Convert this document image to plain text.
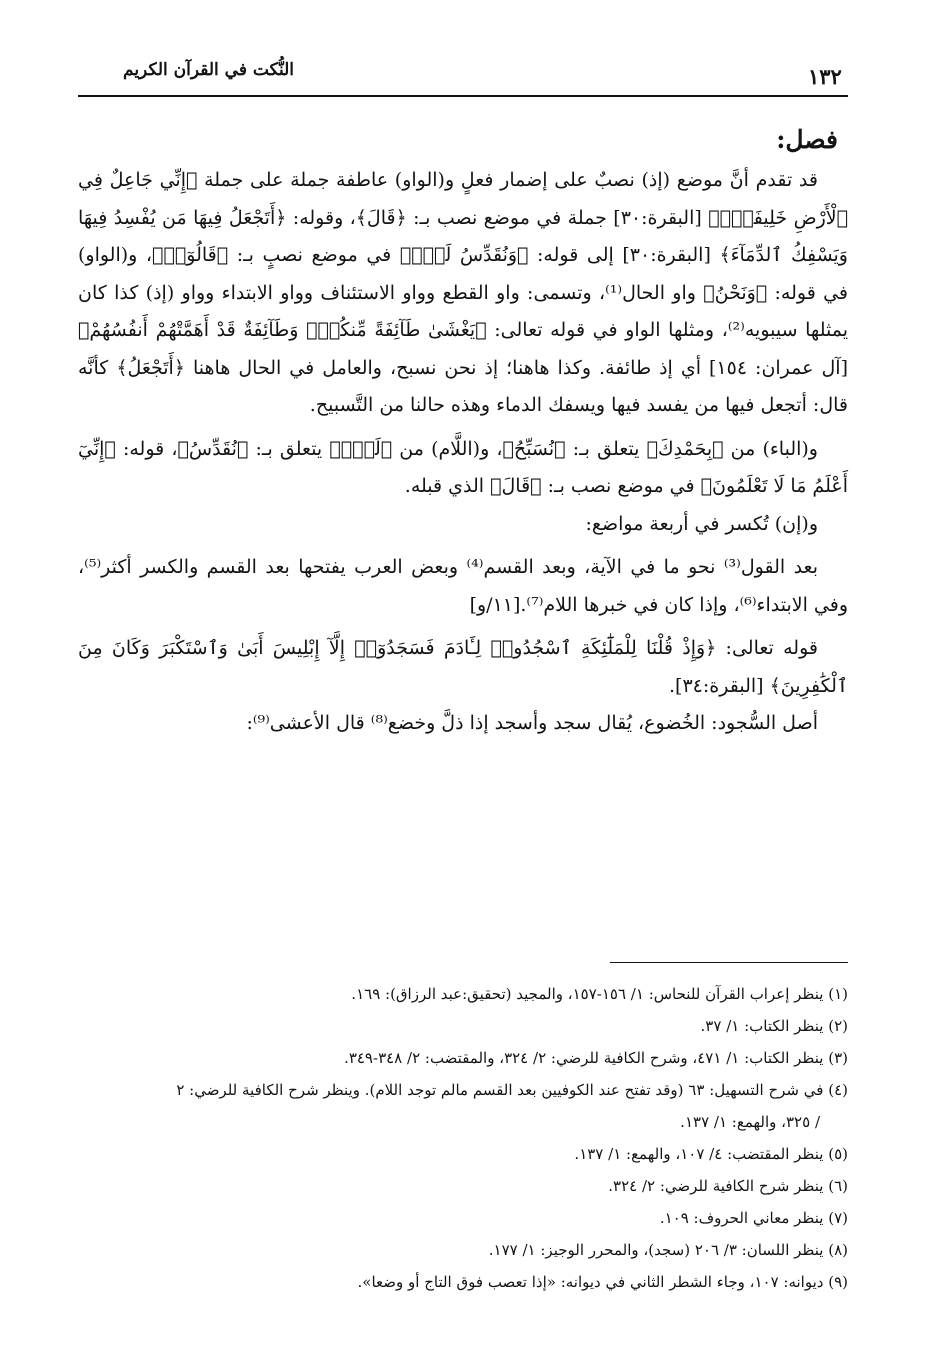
النُّكت في القرآن الكريم	١٣٢

فصل:

قد تقدم أنَّ موضع (إذ) نصبٌ على إضمار فعلٍ و(الواو) عاطفة جملة على جملة ﴿إِنِّي جَاعِلٌ فِي ٱلْأَرْضِ خَلِيفَةًۖ﴾ [البقرة:٣٠] جملة في موضع نصب بـ: ﴿قَالَ﴾، وقوله: ﴿أَتَجْعَلُ فِيهَا مَن يُفْسِدُ فِيهَا وَيَسْفِكُ ٱلدِّمَآءَ﴾ [البقرة:٣٠] إلى قوله: ﴿وَنُقَدِّسُ لَكَۖ﴾ في موضع نصبٍ بـ: ﴿قَالُوٓا۟﴾، و(الواو) في قوله: ﴿وَنَحْنُ﴾ واو الحال⁽¹⁾، وتسمى: واو القطع وواو الاستئناف وواو الابتداء وواو (إذ) كذا كان يمثلها سيبويه⁽²⁾، ومثلها الواو في قوله تعالى: ﴿يَغْشَىٰ طَآئِفَةً مِّنكُمْۖ وَطَآئِفَةٌ قَدْ أَهَمَّتْهُمْ أَنفُسُهُمْ﴾ [آل عمران: ١٥٤] أي إذ طائفة. وكذا هاهنا؛ إذ نحن نسبح، والعامل في الحال هاهنا ﴿أَتَجْعَلُ﴾ كأنَّه قال: أتجعل فيها من يفسد فيها ويسفك الدماء وهذه حالنا من التَّسبيح.

و(الباء) من ﴿بِحَمْدِكَ﴾ يتعلق بـ: ﴿نُسَبِّحُ﴾، و(اللَّام) من ﴿لَكَۖ﴾ يتعلق بـ: ﴿نُقَدِّسُ﴾، قوله: ﴿إِنِّيٓ أَعْلَمُ مَا لَا تَعْلَمُونَ﴾ في موضع نصب بـ: ﴿قَالَ﴾ الذي قبله.

و(إن) تُكسر في أربعة مواضع:

بعد القول⁽³⁾ نحو ما في الآية، وبعد القسم⁽⁴⁾ وبعض العرب يفتحها بعد القسم والكسر أكثر⁽⁵⁾، وفي الابتداء⁽⁶⁾، وإذا كان في خبرها اللام⁽⁷⁾.[١١/و]

قوله تعالى: ﴿وَإِذْ قُلْنَا لِلْمَلَٰٓئِكَةِ ٱسْجُدُوا۟ لِـَٔادَمَ فَسَجَدُوٓا۟ إِلَّآ إِبْلِيسَ أَبَىٰ وَٱسْتَكْبَرَ وَكَانَ مِنَ ٱلْكَٰفِرِينَ﴾ [البقرة:٣٤].

أصل السُّجود: الخُضوع، يُقال سجد وأسجد إذا ذلَّ وخضع⁽⁸⁾ قال الأعشى⁽⁹⁾:

(١) ينظر إعراب القرآن للنحاس: ١/ ١٥٦-١٥٧، والمجيد (تحقيق:عبد الرزاق): ١٦٩.

(٢) ينظر الكتاب: ١/ ٣٧.

(٣) ينظر الكتاب: ١/ ٤٧١، وشرح الكافية للرضي: ٢/ ٣٢٤، والمقتضب: ٢/ ٣٤٨-٣٤٩.

(٤) في شرح التسهيل: ٦٣ (وقد تفتح عند الكوفيين بعد القسم مالم توجد اللام). وينظر شرح الكافية للرضي: ٢

/ ٣٢٥، والهمع: ١/ ١٣٧.

(٥) ينظر المقتضب: ٤/ ١٠٧، والهمع: ١/ ١٣٧.

(٦) ينظر شرح الكافية للرضي: ٢/ ٣٢٤.

(٧) ينظر معاني الحروف: ١٠٩.

(٨) ينظر اللسان: ٣/ ٢٠٦ (سجد)، والمحرر الوجيز: ١/ ١٧٧.

(٩) ديوانه: ١٠٧، وجاء الشطر الثاني في ديوانه: «إذا تعصب فوق التاج أو وضعا».
